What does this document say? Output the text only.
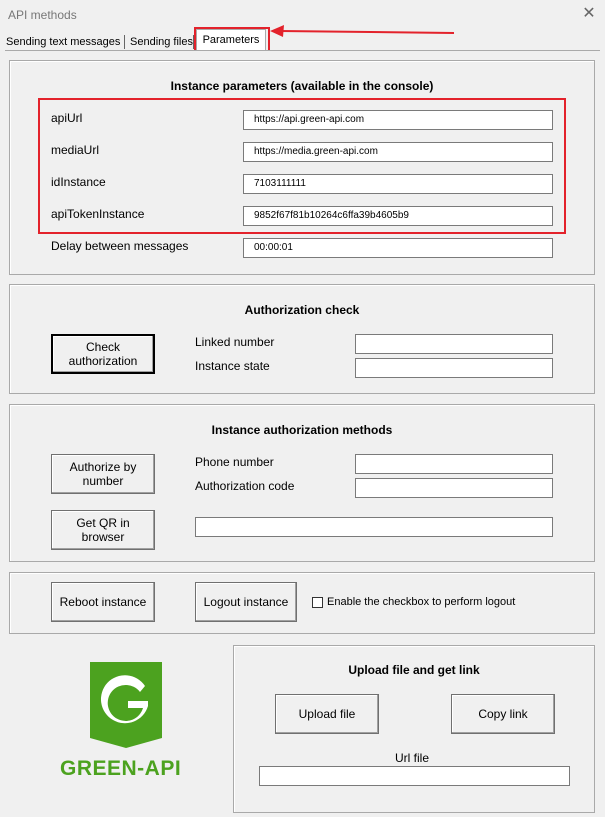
API methods	✕
Sending text messages Sending files Parameters
Instance parameters (available in the console)
apiUrl	https://api.green-api.com
mediaUrl	https://media.green-api.com
idInstance	7103111111
apiTokenInstance	9852f67f81b10264c6ffa39b4605b9
Delay between messages	00:00:01
Authorization check
Check authorization
Linked number
Instance state
Instance authorization methods
Authorize by number
Phone number
Authorization code
Get QR in browser
Reboot instance	Logout instance	Enable the checkbox to perform logout
GREEN-API
Upload file and get link
Upload file	Copy link
Url file
